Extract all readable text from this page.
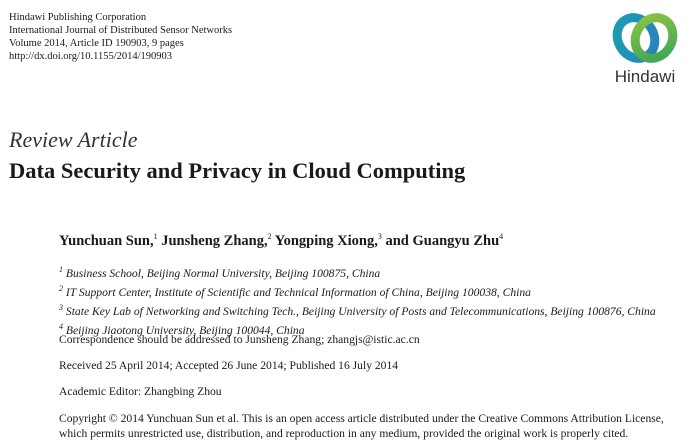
Hindawi Publishing Corporation
International Journal of Distributed Sensor Networks
Volume 2014, Article ID 190903, 9 pages
http://dx.doi.org/10.1155/2014/190903
Hindawi
Review Article
Data Security and Privacy in Cloud Computing
Yunchuan Sun,$^1$ Junsheng Zhang,$^2$ Yongping Xiong,$^3$ and Guangyu Zhu$^4$
$^1$ Business School, Beijing Normal University, Beijing 100875, China
$^2$ IT Support Center, Institute of Scientific and Technical Information of China, Beijing 100038, China
$^3$ State Key Lab of Networking and Switching Tech., Beijing University of Posts and Telecommunications, Beijing 100876, China
$^4$ Beijing Jiaotong University, Beijing 100044, China
Correspondence should be addressed to Junsheng Zhang; zhangjs@istic.ac.cn
Received 25 April 2014; Accepted 26 June 2014; Published 16 July 2014
Academic Editor: Zhangbing Zhou
Copyright © 2014 Yunchuan Sun et al. This is an open access article distributed under the Creative Commons Attribution License,
which permits unrestricted use, distribution, and reproduction in any medium, provided the original work is properly cited.
